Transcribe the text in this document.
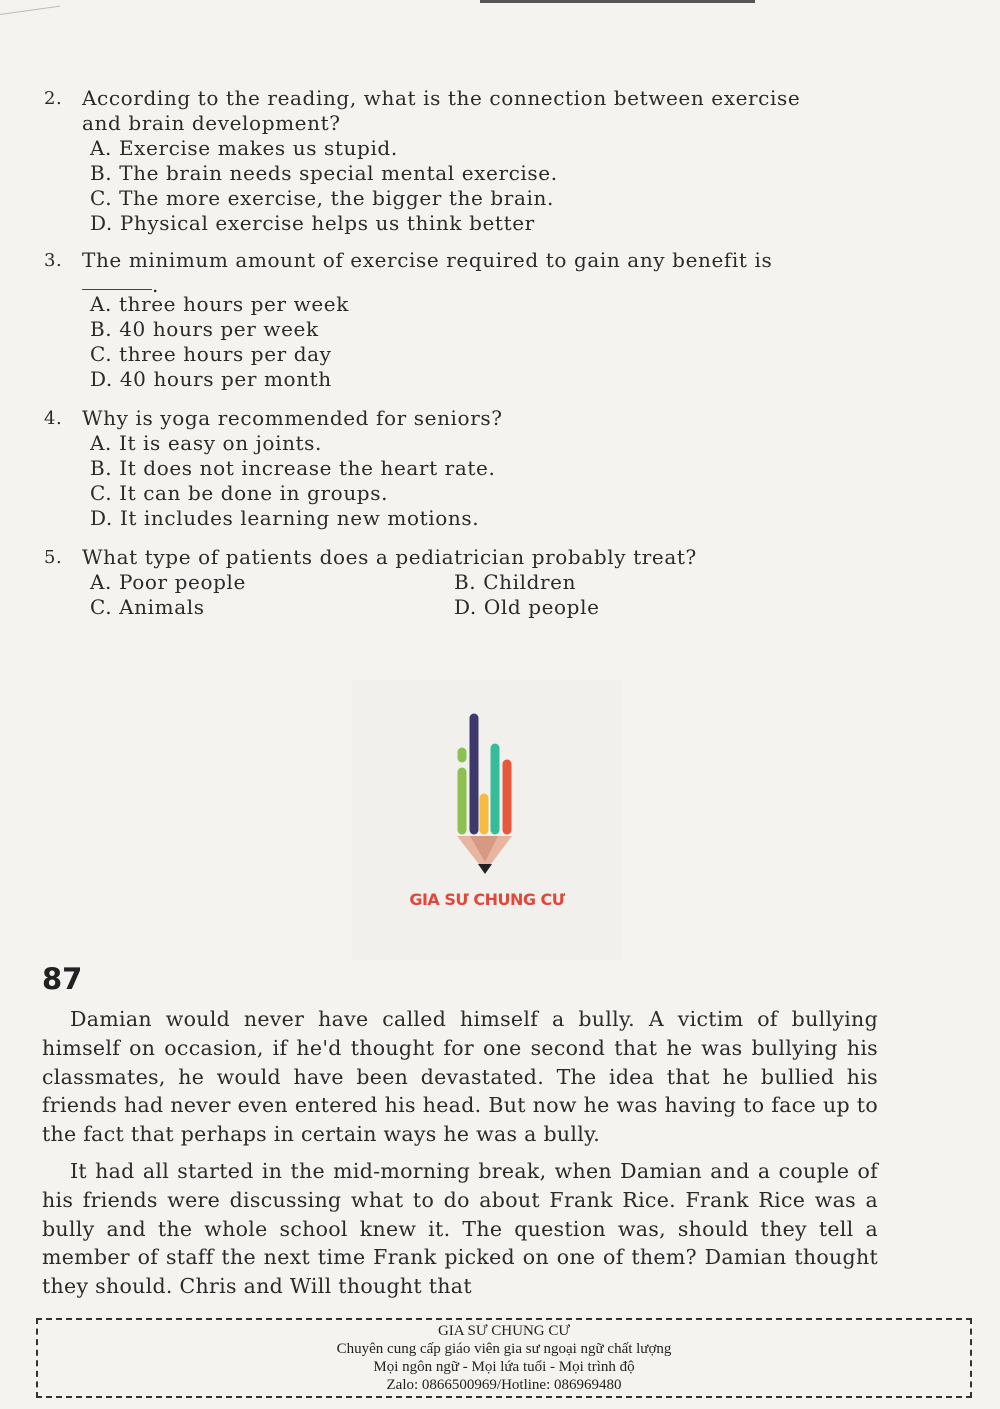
2. According to the reading, what is the connection between exercise and brain development?
A. Exercise makes us stupid.
B. The brain needs special mental exercise.
C. The more exercise, the bigger the brain.
D. Physical exercise helps us think better
3. The minimum amount of exercise required to gain any benefit is
.
A. three hours per week
B. 40 hours per week
C. three hours per day
D. 40 hours per month
4. Why is yoga recommended for seniors?
A. It is easy on joints.
B. It does not increase the heart rate.
C. It can be done in groups.
D. It includes learning new motions.
5. What type of patients does a pediatrician probably treat?
A. Poor people	B. Children
C. Animals	D. Old people
GIA SƯ CHUNG CƯ
87

Damian would never have called himself a bully. A victim of bullying himself on occasion, if he'd thought for one second that he was bullying his classmates, he would have been devastated. The idea that he bullied his friends had never even entered his head. But now he was having to face up to the fact that perhaps in certain ways he was a bully.

It had all started in the mid-morning break, when Damian and a couple of his friends were discussing what to do about Frank Rice. Frank Rice was a bully and the whole school knew it. The question was, should they tell a member of staff the next time Frank picked on one of them? Damian thought they should. Chris and Will thought that

GIA SƯ CHUNG CƯ
Chuyên cung cấp giáo viên gia sư ngoại ngữ chất lượng
Mọi ngôn ngữ - Mọi lứa tuổi - Mọi trình độ
Zalo: 0866500969/Hotline: 086969480
